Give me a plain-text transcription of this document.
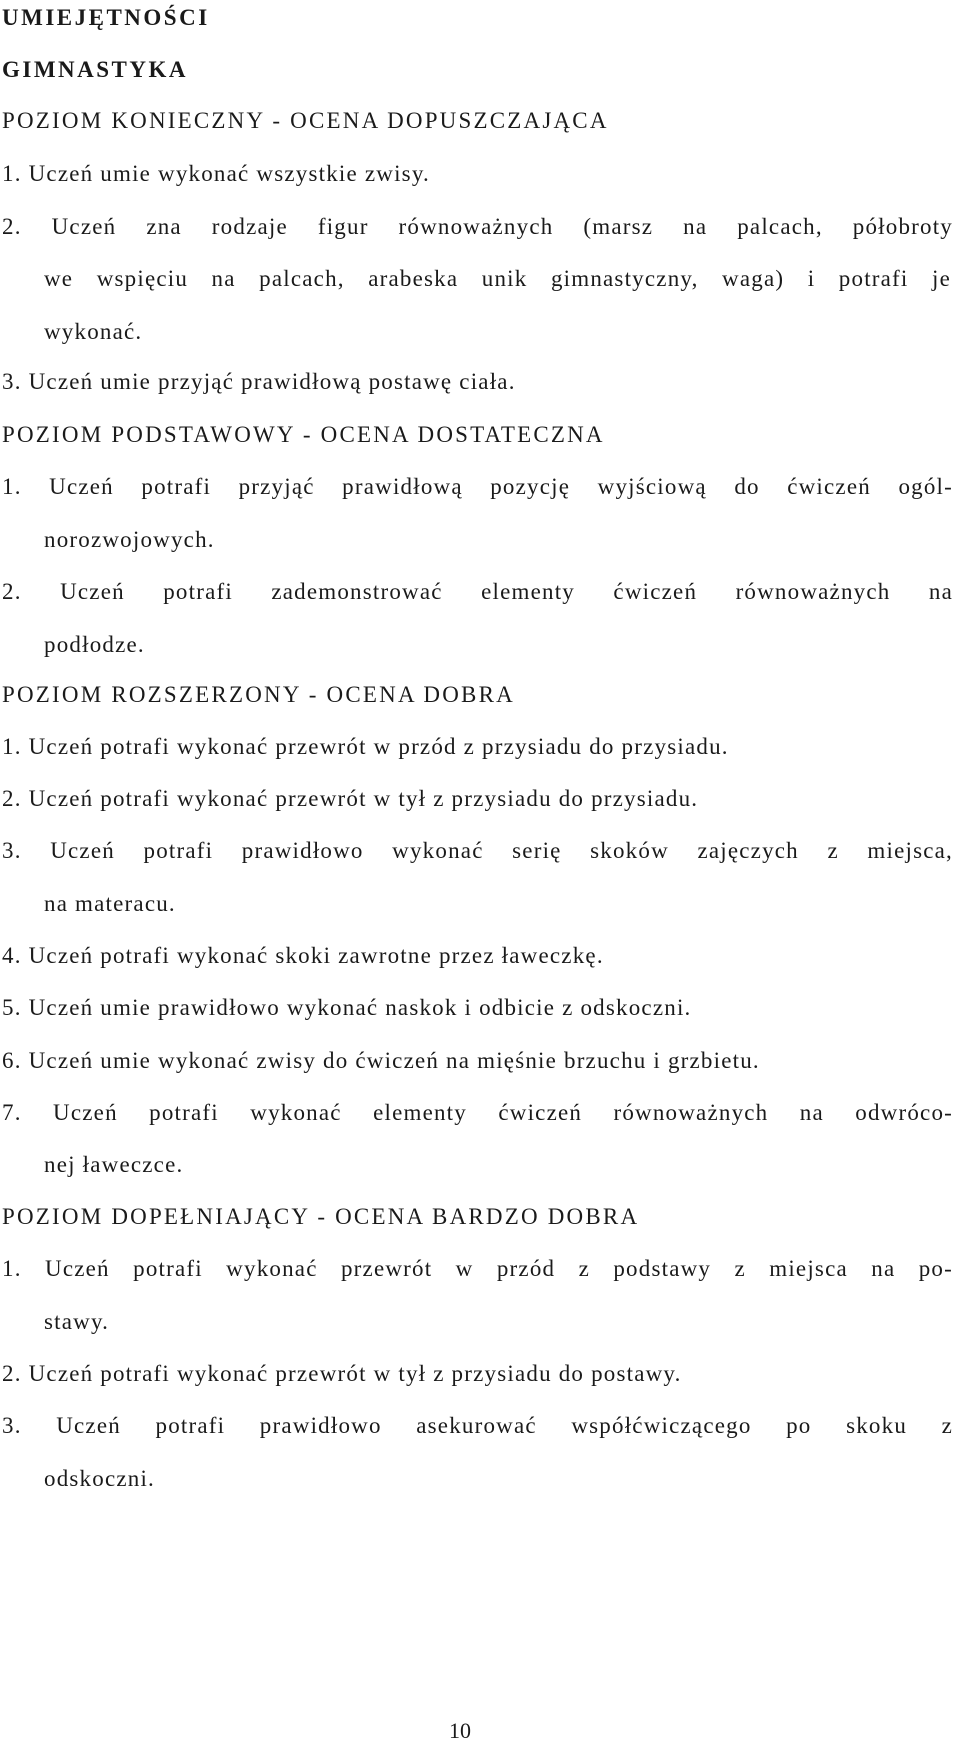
UMIEJĘTNOŚCI
GIMNASTYKA
POZIOM KONIECZNY - OCENA DOPUSZCZAJĄCA
1. Uczeń umie wykonać wszystkie zwisy.
2. Uczeń zna rodzaje figur równoważnych (marsz na palcach, półobroty
we wspięciu na palcach, arabeska unik gimnastyczny, waga) i potrafi je
wykonać.
3. Uczeń umie przyjąć prawidłową postawę ciała.
POZIOM PODSTAWOWY - OCENA DOSTATECZNA
1. Uczeń potrafi przyjąć prawidłową pozycję wyjściową do ćwiczeń ogól-
norozwojowych.
2. Uczeń potrafi zademonstrować elementy ćwiczeń równoważnych na
podłodze.
POZIOM ROZSZERZONY - OCENA DOBRA
1. Uczeń potrafi wykonać przewrót w przód z przysiadu do przysiadu.
2. Uczeń potrafi wykonać przewrót w tył z przysiadu do przysiadu.
3. Uczeń potrafi prawidłowo wykonać serię skoków zajęczych z miejsca,
na materacu.
4. Uczeń potrafi wykonać skoki zawrotne przez ławeczkę.
5. Uczeń umie prawidłowo wykonać naskok i odbicie z odskoczni.
6. Uczeń umie wykonać zwisy do ćwiczeń na mięśnie brzuchu i grzbietu.
7. Uczeń potrafi wykonać elementy ćwiczeń równoważnych na odwróco-
nej ławeczce.
POZIOM DOPEŁNIAJĄCY - OCENA BARDZO DOBRA
1. Uczeń potrafi wykonać przewrót w przód z podstawy z miejsca na po-
stawy.
2. Uczeń potrafi wykonać przewrót w tył z przysiadu do postawy.
3. Uczeń potrafi prawidłowo asekurować współćwiczącego po skoku z
odskoczni.
10
